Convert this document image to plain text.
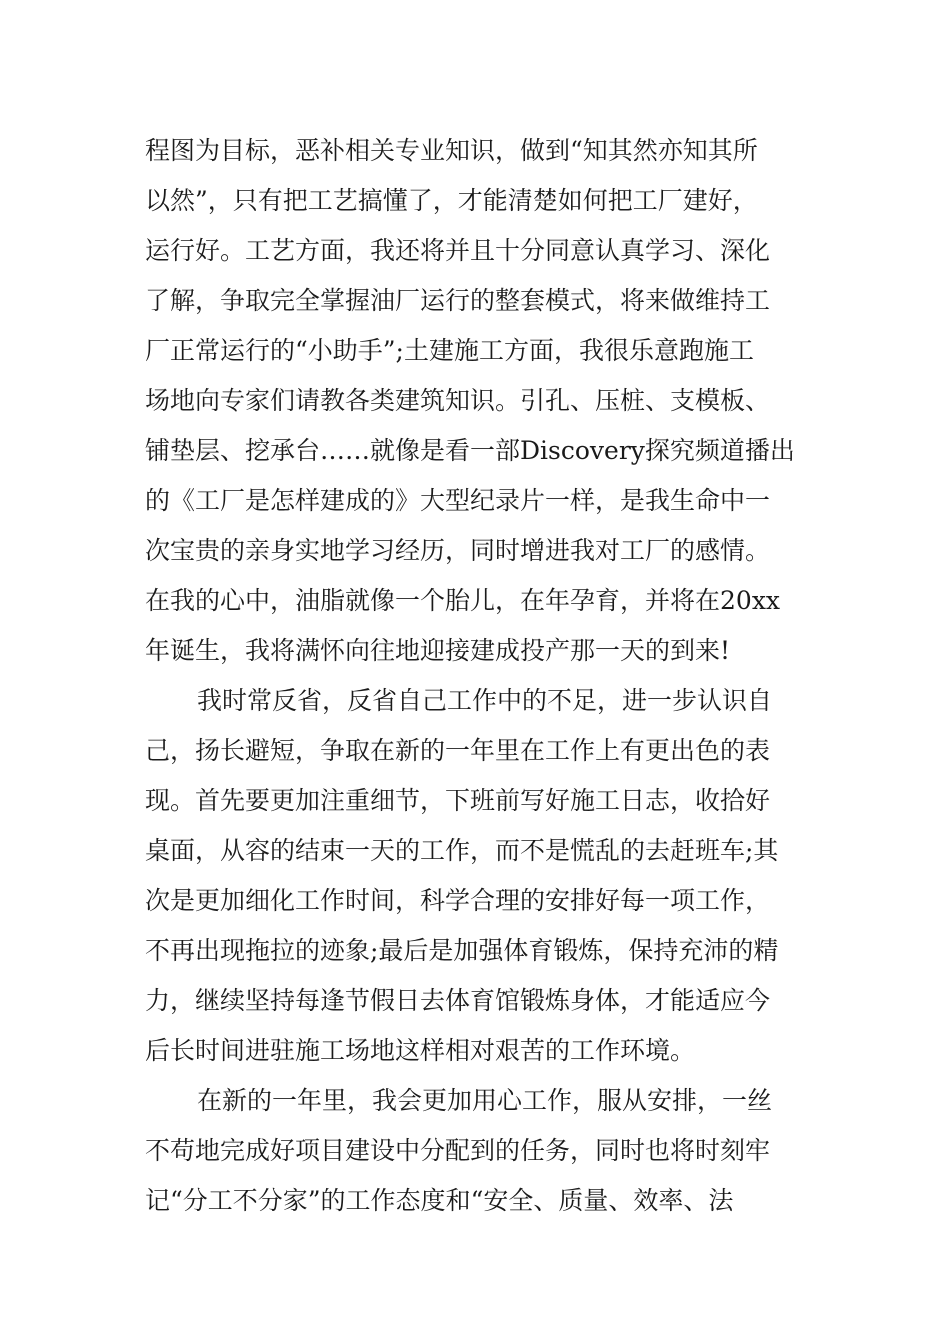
程图为目标，恶补相关专业知识，做到“知其然亦知其所
以然”，只有把工艺搞懂了，才能清楚如何把工厂建好，
运行好。工艺方面，我还将并且十分同意认真学习、深化
了解，争取完全掌握油厂运行的整套模式，将来做维持工
厂正常运行的“小助手”;土建施工方面，我很乐意跑施工
场地向专家们请教各类建筑知识。引孔、压桩、支模板、
铺垫层、挖承台……就像是看一部Discovery探究频道播出
的《工厂是怎样建成的》大型纪录片一样，是我生命中一
次宝贵的亲身实地学习经历，同时增进我对工厂的感情。
在我的心中，油脂就像一个胎儿，在年孕育，并将在20xx
年诞生，我将满怀向往地迎接建成投产那一天的到来!
我时常反省，反省自己工作中的不足，进一步认识自
己，扬长避短，争取在新的一年里在工作上有更出色的表
现。首先要更加注重细节，下班前写好施工日志，收拾好
桌面，从容的结束一天的工作，而不是慌乱的去赶班车;其
次是更加细化工作时间，科学合理的安排好每一项工作，
不再出现拖拉的迹象;最后是加强体育锻炼，保持充沛的精
力，继续坚持每逢节假日去体育馆锻炼身体，才能适应今
后长时间进驻施工场地这样相对艰苦的工作环境。
在新的一年里，我会更加用心工作，服从安排，一丝
不苟地完成好项目建设中分配到的任务，同时也将时刻牢
记“分工不分家”的工作态度和“安全、质量、效率、法
